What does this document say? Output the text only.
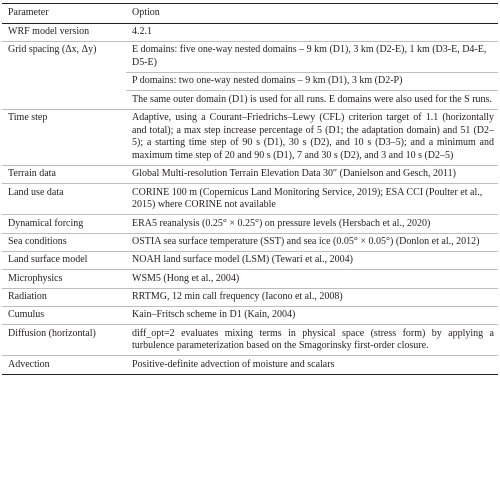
Parameter	Option
WRF model version	4.2.1
Grid spacing (Δx, Δy)	E domains: five one-way nested domains – 9 km (D1), 3 km (D2-E), 1 km (D3-E, D4-E, D5-E)
	P domains: two one-way nested domains – 9 km (D1), 3 km (D2-P)
	The same outer domain (D1) is used for all runs. E domains were also used for the S runs.
Time step	Adaptive, using a Courant–Friedrichs–Lewy (CFL) criterion target of 1.1 (horizontally and total); a max step increase percentage of 5 (D1; the adaptation domain) and 51 (D2–5); a starting time step of 90 s (D1), 30 s (D2), and 10 s (D3–5); and a minimum and maximum time step of 20 and 90 s (D1), 7 and 30 s (D2), and 3 and 10 s (D2–5)
Terrain data	Global Multi-resolution Terrain Elevation Data 30″ (Danielson and Gesch, 2011)
Land use data	CORINE 100 m (Copernicus Land Monitoring Service, 2019); ESA CCI (Poulter et al., 2015) where CORINE not available
Dynamical forcing	ERA5 reanalysis (0.25° × 0.25°) on pressure levels (Hersbach et al., 2020)
Sea conditions	OSTIA sea surface temperature (SST) and sea ice (0.05° × 0.05°) (Donlon et al., 2012)
Land surface model	NOAH land surface model (LSM) (Tewari et al., 2004)
Microphysics	WSM5 (Hong et al., 2004)
Radiation	RRTMG, 12 min call frequency (Iacono et al., 2008)
Cumulus	Kain–Fritsch scheme in D1 (Kain, 2004)
Diffusion (horizontal)	diff_opt=2 evaluates mixing terms in physical space (stress form) by applying a turbulence parameterization based on the Smagorinsky first-order closure.
Advection	Positive-definite advection of moisture and scalars
